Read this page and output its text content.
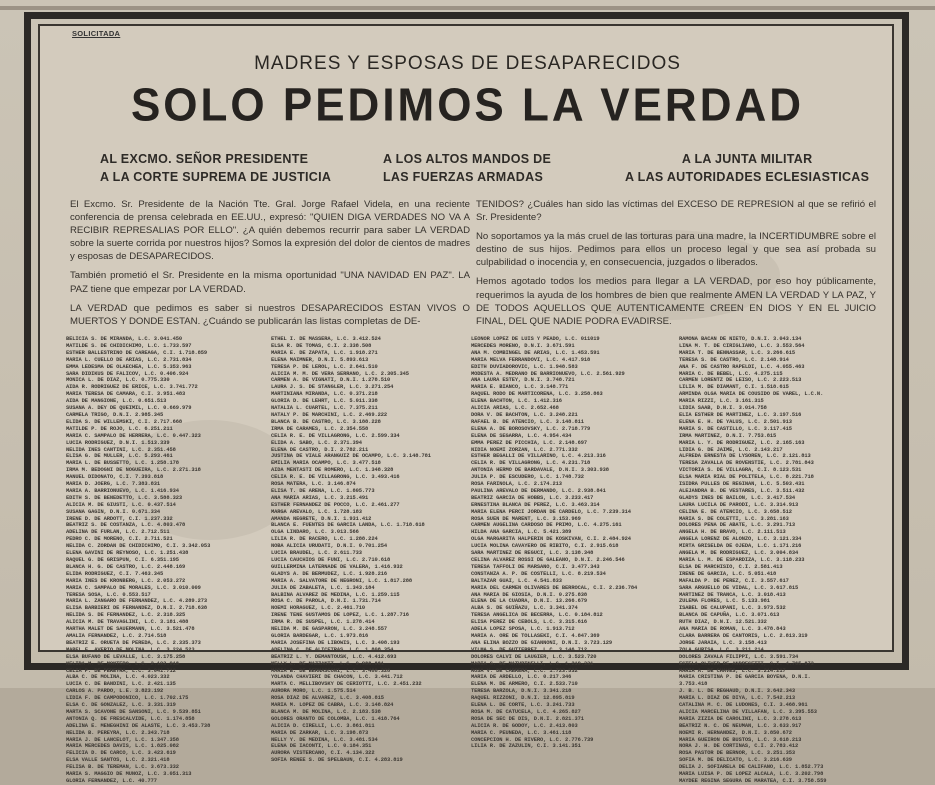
SOLICITADA
MADRES Y ESPOSAS DE DESAPARECIDOS
SOLO PEDIMOS LA VERDAD
AL EXCMO. SEÑOR PRESIDENTE
A LA CORTE SUPREMA DE JUSTICIA
A LOS ALTOS MANDOS DE
LAS FUERZAS ARMADAS
A LA JUNTA MILITAR
A LAS AUTORIDADES ECLESIASTICAS

El Excmo. Sr. Presidente de la Nación Tte. Gral. Jorge Rafael Videla, en una reciente conferencia de prensa celebrada en EE.UU., expresó: "QUIEN DIGA VERDADES NO VA A RECIBIR REPRESALIAS POR ELLO". ¿A quién debemos recurrir para saber LA VERDAD sobre la suerte corrida por nuestros hijos? Somos la expresión del dolor de cientos de madres y esposas de DESAPARECIDOS.

También prometió el Sr. Presidente en la misma oportunidad "UNA NAVIDAD EN PAZ". LA PAZ tiene que empezar por LA VERDAD.

LA VERDAD que pedimos es saber si nuestros DESAPARECIDOS ESTAN VIVOS O MUERTOS Y DONDE ESTAN. ¿Cuándo se publicarán las listas completas de DE-

TENIDOS? ¿Cuáles han sido las víctimas del EXCESO DE REPRESION al que se refirió el Sr. Presidente?

No soportamos ya la más cruel de las torturas para una madre, la INCERTIDUMBRE sobre el destino de sus hijos. Pedimos para ellos un proceso legal y que sea así probada su culpabilidad o inocencia y, en consecuencia, juzgados o liberados.

Hemos agotado todos los medios para llegar a LA VERDAD, por eso hoy públicamente, requerimos la ayuda de los hombres de bien que realmente AMEN LA VERDAD Y LA PAZ, Y DE TODOS AQUELLOS QUE AUTENTICAMENTE CREEN EN DIOS Y EN EL JUICIO FINAL, DEL QUE NADIE PODRA EVADIRSE.

BELICIA S. DE MIRANDA, L.C. 3.041.450
MATILDE S. DE CHIDICHIMO, L.C. 1.733.597
ESTHER BALLESTRINO DE CAREAGA, C.I. 1.718.859
MARIA L. CUELLO DE ARIAS, L.C. 2.731.834
EMMA LEDESMA DE OLAECHEA, L.C. 5.353.963
SARA DIDIKUS DE FALICOV, L.C. 0.406.924
MONICA L. DE DIAZ, L.C. 0.775.330
AIDA R. RODRIGUEZ DE ERICE, L.C. 3.741.772
MARIA TERESA DE CAMARA, C.I. 3.951.483
AIDA DE MANGIONE, L.C. 0.651.513
SUSANA A. DEY DE QUEIMIL, L.C. 0.669.979
CARMELA TRIGO, D.N.I. 2.985.345
ELIDA S. DE WILLEMSKI, C.I. 2.717.668
MATILDE P. DE ROJO, L.C. 6.251.211
MARIA C. SAMPALO DE HERRERA, L.C. 0.447.323
LUCIA RODRIGUEZ, D.N.I. 1.513.339
NELIDA INES CANTINI, L.C. 2.351.458
ELISA G. DE MULLER, L.C. 5.293.461
MARIA L. DE BUSSETTO, L.C. 1.258.178
IRMA M. BEDOGNI DE NOGUEIRA, L.C. 2.271.318
MANUEL DIDONATO, C.I. 7.393.818
MARIA D. JOERG, L.C. 7.383.831
MARIA A. BARRIONUEVO, L.C. 1.416.934
EDITH S. DE BENEDETTO, L.C. 3.588.323
ALICIA M. DE GIUSTI, L.C. 0.437.514
SUSANA GAGIN, D.N.I. 0.671.334
IRENE D. DE ARDOTT, C.I. 1.237.332
BEATRIZ S. DE COSTANZA, L.C. 4.803.478
ADELINA DE FURLAN, L.C. 2.712.511
PEDRO C. DE MORENO, C.I. 2.711.521
NELIDA C. ZORDAN DE CHIDICHIMO, C.I. 3.342.053
ELENA GAVINI DE REYNOSO, L.C. 1.251.438
RAQUEL G. DE GRISPUN, C.I. 6.351.195
BLANCA H. G. DE CASTRO, L.C. 2.448.169
ELIDA RODRIGUEZ, C.I. 7.463.345
MARIA INES DE KRONBERG, L.C. 2.053.272
MARIA C. SAMPALO DE MORALES, L.C. 3.010.009
TERESA SOSA, L.C. 0.553.517
MARIA L. ZANGARO DE FERNANDEZ, L.C. 4.289.273
ELISA BARBIERI DE FERNANDEZ, D.N.I. 2.718.638
NELIDA S. DE FERNANDEZ, L.C. 2.318.325
ALICIA M. DE TRAVAGLINI, L.C. 3.181.488
MARTHA MALET DE SAUERMANN, L.C. 3.521.478
AMALIA FERNANDEZ, L.C. 2.714.518
BEATRIZ E. ORUETA DE PEREDA, L.C. 2.335.373
MABEL F. AVERIO DE MOLINA, L.C. 3.224.523
ELSA BUFANO DE LEVALLE, L.C. 3.175.258
NELIDA M. DE MONTERO, L.C. 2.103.918
CELIA P. DE PEREYRA, L.C. 3.041.712
ALBA C. DE MOLINA, L.C. 4.023.332
LUCIA C. DE BANDINI, L.C. 2.421.135
CARLOS A. PARDO, L.E. 3.823.192
LIDIA F. DE CAMPODONICO, L.C. 1.702.175
ELSA C. DE GONZALEZ, L.C. 3.331.319
MARTA S. SCAVONE DE SANSONI, L.C. 9.539.851
ANTONIA Q. DE FRESCALVIDE, L.C. 1.174.858
ADELINA E. MENEGHINI DE ALASTE, L.C. 3.453.738
NELIDA B. PEREYRA, L.C. 2.343.718
MARIA J. DE LANCELOT, L.C. 1.347.358
MARIA MERCEDES DAVIS, L.C. 1.825.082
FELICIA D. DE CARCO, L.C. 3.423.619
ELSA VALLE SANTOS, L.C. 2.321.418
FELISA B. DE TEREMAN, L.C. 3.673.332
MARIA S. MAGGIO DE MUNOZ, L.C. 3.051.313
GLORIA FERNANDEZ, L.C. 40.777
ETHEL I. DE MASSERA, L.C. 3.412.524
ELSA R. DE TOMAS, C.I. 2.338.508
MARIA E. DE ZAPATA, L.C. 1.918.271
ELENA MAIMNER, D.N.I. 5.893.613
TERESA P. DE LEROL, L.C. 2.641.510
ALICIA M. M. DE VERA SERRANO, L.C. 2.305.345
CARMEN A. DE VIGNATI, D.N.I. 1.278.510
LAURA J. S. DE STANGLER, L.C. 3.271.254
MARTINIANA MIRANDA, L.C. 0.371.218
GLORIA D. DE LEHRT, L.C. 5.011.338
NATALIA L. CUARTEL, L.C. 7.375.211
NATALY P. DE MARCHINI, L.C. 2.469.222
BLANCA B. DE CASTRO, L.C. 3.188.228
IRMA DE CARAMES, L.C. 2.354.558
CELIA R. E. DE VILLAGRONG, L.C. 2.599.334
ELIDA A. SABO, L.C. 2.371.394
ELENA DE CASTRO, D.I. 2.782.211
JUSTINA DE VIALE ARANGUIZ DE OCAMPO, L.C. 3.148.781
EMILIA MARIA OCAMPO, L.C. 3.477.518
AIDA MENTASTI DE ROMERO, L.C. 1.348.328
CELIA R. E. DE VILLAGRONG, L.C. 3.493.416
ROSA MATERA, L.C. 3.146.874
ELISA T. DE ARENA, L.C. 1.805.773
ANA MARIA ARIAS, L.C. 3.215.491
ESTHER FERNANDEZ DE POCCO, L.C. 2.461.277
MARGA AREVALO, L.C. 1.728.183
AMANDA NEGRETE, D.N.I. 1.931.412
BLANCA E. FUENTES DE GARCIA LANDA, L.C. 1.718.618
OLGA LINDARO, L.C. 3.013.566
LILIA R. DE RACERO, L.C. 1.288.224
NOBA ALICIA URUDATI, D.N.I. 0.701.254
LUCIA BRAUDEL, L.C. 2.611.733
LUCIA CAUCHIOS DE FUNI, L.C. 2.710.618
GUILLERMINA LATERNADE DE VALERA, 1.416.932
GLADYS A. DE BERMUDEZ, L.C. 1.928.216
MARIA A. SALVATORE DE NEGRONI, L.C. 1.817.288
JULIA DE ZABALETA, L.C. 1.343.184
BALBINA ALVAREZ DE MEDINA, L.C. 1.259.115
ROSA C. DE PAROLA, D.N.I. 1.731.714
NOEMI HORAGUEZ, L.C. 2.461.710
IRENE TENE GUSTAMOS DE LOPEZ, L.C. 1.287.716
IRMA R. DE SUSPEL, L.C. 1.278.414
NELIDA M. DE GASPARON, L.C. 3.248.557
GLORIA BARDEGAR, L.C. 1.973.816
MARIA JOSEFINA DE LIBOWIS, L.C. 3.408.193
ADELINA C. DE ALICETRAS, L.C. 1.808.354
BEATRIZ L. Y. DEMANTOUSK, L.C. 4.412.693
NELLY L. DE MAZZANTI, L.C. 0.988.881
MARIA B. DE BERNASCONI, L.C. 3.488.328
YOLANDA CHAVIERI DE CHACON, L.C. 3.441.712
MARTA C. MELLIBOVSKY DE CERIOTTI, L.C. 2.451.232
AURORA MORO, L.C. 1.575.514
ROSA DIAZ DE ALVAREZ, L.C. 3.408.815
MARIA M. LOPEZ DE CABRA, L.C. 3.148.824
BLANCA M. DE MOLINA, L.C. 2.183.538
GOLORES ORANTO DE COLOMBA, L.C. 1.418.764
ALICIA D. CIRELLI, L.C. 3.861.811
MARIA DE ZARKAR, L.C. 3.198.873
NELLY Y. DE MEDINA, L.C. 3.481.534
ELENA DE IACONTI, L.C. 0.184.351
AURORA VISTERCANO, C.I. 4.134.322
SOFIA RENEE S. DE SPELBAUN, C.I. 4.283.819
LEONOR LOPEZ DE LUIS Y PEADO, L.C. 011019
MERCEDES MORENO, D.N.I. 3.671.591
ANA M. COMBINGEL DE ARIAS, L.C. 1.453.591
MARIA MELVA FERRANDOVI, L.C. 4.417.918
EDITH DUVIADOROVIC, L.C. 1.948.583
MODESTA A. MEDRANO DE BARRIONUEVO, L.C. 2.561.929
ANA LAURA ESTEY, D.N.I. 3.748.721
MARIA E. BIANCO, L.C. 3.148.771
RAQUEL RODO DE MARTICORENA, L.C. 3.258.863
ELENA BACHTON, L.C. 1.412.316
ALICIA ARIAS, L.C. 2.652.468
DORA V. DE BACHTON, L.C. 3.248.221
RAFAEL B. DE ATENCIO, L.C. 3.148.811
ELENA A. DE BOROSOVSKY, L.C. 2.718.779
ELENA DE SEGARRA, L.C. 4.954.434
EMMA PEREZ DE PICCHIA, L.C. 2.148.697
NIDIA NOEMI ZORZAN, L.C. 2.771.332
ESTHER BEGALLI DE VILLARINO, L.C. 4.213.316
CELIA R. DE VILLAGRONG, L.C. 4.231.718
ANTONIA HERMO DE BARDAVALE, D.N.I. 3.303.938
JULIA P. DE ESCUDERO, L.C. 1.748.732
ROSA FARINOLA, L.C. 2.174.213
PAULINA AREVALO DE DERMANDO, L.C. 2.938.841
BEATRIZ GARCIA DE HOBBS, L.C. 3.233.417
ERNESTINA BLANCA DE PEREZ, L.C. 3.463.314
MARIA ELENA PERCI JORDAN DE CARDELO, L.C. 7.239.314
ROSA SUEN DE MARENT, L.C. 3.153.969
CARMEN AUGELINA CARDOSO DE PRIMO, L.C. 4.275.161
HILDA ANA GARCIA, L.C. 5.421.389
OLGA MARGARITA HALPERIN DE KOSKIVAN, C.I. 2.484.924
LUCIA MOLINA CAVAYERO DE RIBITO, C.I. 2.915.618
SARA MARTINEZ DE REGUCI, L.C. 3.138.348
CELINA ALVAREZ ROSSI DE GALEANO, D.N.I. 2.246.546
TERESA TAFFOLI DE MARSANO, C.I. 3.477.343
CONSTANZA A. P. DE COSTELLI, L.C. 8.219.534
BALTAZAR GUAI, L.C. 4.541.833
MARIA DEL CARMEN OLIVARES DE BERROCAL, C.I. 2.236.784
ANA MARIA DE GIOSIA, D.N.I. 0.275.838
ELENA DE LA CUADRA, D.N.I. 13.266.679
ALBA S. DE GUIÑAZU, L.C. 3.341.374
TERESA ANGELICA DE BECERRA, L.C. 0.184.812
ELISA PEREZ DE CEBOLS, L.C. 3.315.616
ADELA LOPEZ SPOSA, L.C. 1.913.712
MARIA A. ORE DE TOLLASEKI, C.I. 4.847.369
ANA ELINA BOZZO DE GIANNONI, D.N.I. 3.723.129
VILMA S. DE GUTIERREZ, L.C. 3.146.712
DOLORES CALVI DE LAUGIER, L.C. 3.523.720
MARIA G. DE MATURINELLI, L.C. 1.219.331
ROSA V. DE CABRERA, L.C. 1.723.532
MARIA DE ARDELLO, L.C. 0.217.346
ELENA M. DE ARMERO, C.I. 2.533.710
TERESA BARZOLA, D.N.I. 3.341.218
RAQUEL RIZZONI, D.N.I. 12.895.819
ELENA L. DE CORTE, L.C. 3.241.733
ROSA M. DE CATUCELA, L.C. 4.265.827
ROSA DE SEC DE DIS, D.N.I. 2.821.371
ALICIA R. DE GODOY, L.C. 2.413.803
MARIA C. PEUNEDA, L.C. 3.461.118
CONCEPCION H. DE RIVERO, L.C. 2.776.739
LILIA R. DE ZAZULIN, C.I. 3.141.351
RAMONA BACAN DE NIETO, D.N.I. 3.043.134
LINA M. T. DE CIRIGLIANO, L.C. 3.553.564
MARIA T. DE BENNASSAR, L.C. 3.266.615
TERESA S. DE CASTRO, L.C. 2.148.914
ANA F. DE CASTRO RAPELDI, L.C. 4.055.463
MARIA C. DE BEBEL, L.C. 4.275.115
CARMEN LORENTZ DE LEISO, L.C. 2.223.513
LILIA M. DE DIAMANT, C.I. 1.518.615
ARMINDA OLGA MARIA DE COUSIDO DE VAREL, L.C.N.
MARIA RIZZI, L.C. 3.161.315
LIDIA SAAB, D.N.I. 3.014.758
ELIA ESTHER DE MARTINEZ, L.C. 3.197.516
ELENA E. H. DE YALUS, L.C. 2.501.913
MARIA S. DE CASTILLO, L.C. 3.117.415
IRMA MARTINEZ, D.N.I. 7.753.815
MARIA L. Y. DE RODRIGUEZ, L.C. 2.165.163
LIDIA G. DE JAIME, L.C. 2.143.217
ALFREDA ERNESTA DE LYSOREN, L.C. 2.121.813
TERESA ZAVALLA DE ROVENSTIE, L.C. 2.781.843
VICTORIA S. DE VILLAGRA, C.I. 8.123.531
ELSA MARIA RIAL DE POLITELA, L.C. 8.221.718
ISIDRA PULLES DE REGINAN, L.C. 5.503.431
ALEJANDRA B. DE VESTARES, L.C. 3.511.432
GLADYS INES DE BAILON, L.C. 3.417.534
LAURA LUCILA DE PARODI, L.C. 3.314.913
CELINA E. DE ATENCIO, L.C. 3.658.512
MARIA S. DE COLETTI, L.C. 3.281.163
DOLORES PENA DE ABATE, L.C. 3.291.713
ANGELA H. DE BRAVO, L.C. 2.111.513
ANGELA LORENZ DE ALONZO, L.C. 3.121.334
MIRTA GRISELDA DE OJEDA, L.C. 1.171.216
ANGELA M. DE RODRIGUEZ, L.C. 3.004.834
MARIA L. M. DE ESPARDIZA, L.C. 3.118.233
ELSA DE MARCHISIO, C.I. 2.581.413
IRENE DE GARCIA, L.C. 5.051.418
MAFALDA P. DE PEREZ, C.I. 3.557.617
SARA ARGUELLO DE VIDAL, L.C. 3.617.815
MARTINEZ DE TRANCA, L.C. 3.018.413
ZULEMA FLORES, L.C. 5.133.981
ISABEL DE CALUPANI, L.C. 3.973.532
BLANCA DE CAPUÑA, L.C. 3.071.613
RUTH DIAZ, D.N.I. 12.521.332
ANA MARIA DE ROMAN, L.C. 3.478.843
CLARA BARRERA DE CANTORIS, L.C. 2.813.319
JORGE JARAIA, L.C. 3.158.413
ZOLA GURISA, L.C. 3.211.214
DOLORES ZAVALA FILIPPI, L.C. 3.591.734
ESTELA OLIVER DE ANDRESETTI, C.I. 4.765.873
MARIA A. DE CHAVES, L.C. 3.214.217
MARIA CRISTINA P. DE GARCIA BOYENA, D.N.I.
3.753.418
J. B. L. DE REGHAUD, D.N.I. 3.642.343
MARIA L. DIAZ DE DIYA, L.C. 7.542.213
CATALINA M. C. DE LUDONES, C.I. 3.468.961
ALICIA MARCELINA DE VILLAFAN, L.C. 3.395.553
MARIA ZIZIA DE CAROLINI, L.C. 3.278.613
BEATRIZ N. C. DE NEUMAN, L.C. 3.633.917
NOEMI R. HERNANDEZ, D.N.I. 3.850.672
MARIA GUEIRON DE BUSTOS, L.C. 3.618.213
NORA J. H. DE CORTINAS, C.I. 2.783.412
ROSA PASTOR DE BERNOR, L.C. 3.251.353
SOFIA M. DE DELICATO, L.C. 3.216.639
DELIA J. SOFIARELA DE CALIFANO, L.C. 1.852.773
MARIA LUISA P. DE LOPEZ ALCALA, L.C. 3.202.798
MAYDEE REGINA SEGURA DE MARATEA, C.I. 3.758.559
